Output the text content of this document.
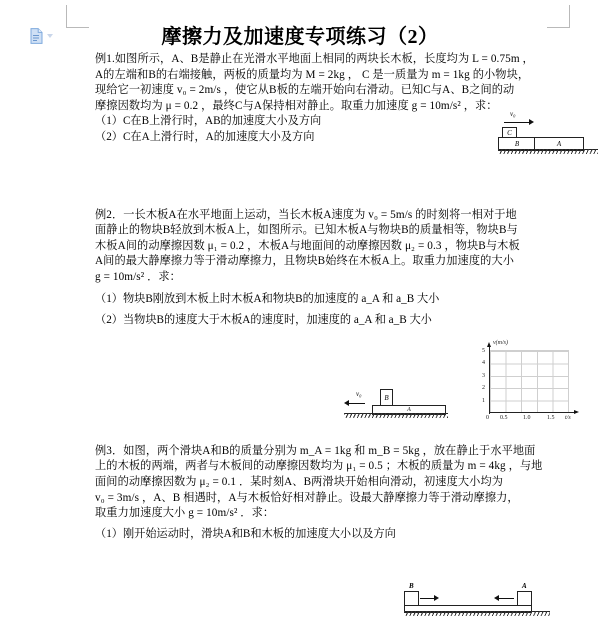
摩擦力及加速度专项练习（2）
例1.如图所示，A、B是静止在光滑水平地面上相同的两块长木板，长度均为 L = 0.75m ，
A的左端和B的右端接触，两板的质量均为 M = 2kg ， C 是一质量为 m = 1kg 的小物块，
现给它一初速度 v₀ = 2m/s ，使它从B板的左端开始向右滑动。已知C与A、B之间的动
摩擦因数均为 μ = 0.2 ，最终C与A保持相对静止。取重力加速度 g = 10m/s² ，求：
（1）C在B上滑行时，AB的加速度大小及方向
（2）C在A上滑行时，A的加速度大小及方向
例2．一长木板A在水平地面上运动，当长木板A速度为 v₀ = 5m/s 的时刻将一相对于地
面静止的物块B轻放到木板A上，如图所示。已知木板A与物块B的质量相等，物块B与
木板A间的动摩擦因数 μ₁ = 0.2 ，木板A与地面间的动摩擦因数 μ₂ = 0.3 ，物块B与木板
A间的最大静摩擦力等于滑动摩擦力，且物块B始终在木板A上。取重力加速度的大小
g = 10m/s² ．求：
（1）物块B刚放到木板上时木板A和物块B的加速度的 a_A 和 a_B 大小
（2）当物块B的速度大于木板A的速度时，加速度的 a_A 和 a_B 大小
例3．如图，两个滑块A和B的质量分别为 m_A = 1kg 和 m_B = 5kg ，放在静止于水平地面
上的木板的两端，两者与木板间的动摩擦因数均为 μ₁ = 0.5 ；木板的质量为 m = 4kg ，与地
面间的动摩擦因数为 μ₂ = 0.1 ．某时刻A、B两滑块开始相向滑动，初速度大小均为
v₀ = 3m/s ，A、B 相遇时，A与木板恰好相对静止。设最大静摩擦力等于滑动摩擦力，
取重力加速度大小 g = 10m/s² ．求：
（1）刚开始运动时，滑块A和B和木板的加速度大小以及方向
v₀
C
B	A
v₀	B
A
v(m/s)
5
4
3
2
1
0 0.5	1.0	1.5 t/s
B	A
